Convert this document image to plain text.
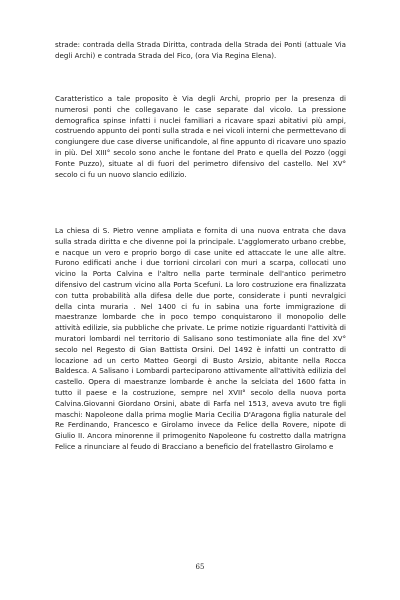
strade: contrada della Strada Diritta, contrada della Strada dei Ponti (attuale Via degli Archi) e contrada Strada del Fico, (ora Via Regina Elena).

Caratteristico a tale proposito è Via degli Archi, proprio per la presenza di numerosi ponti che collegavano le case separate dal vicolo. La pressione demografica spinse infatti i nuclei familiari a ricavare spazi abitativi più ampi, costruendo appunto dei ponti sulla strada e nei vicoli interni che permettevano di congiungere due case diverse unificandole, al fine appunto di ricavare uno spazio in più. Del XIII° secolo sono anche le fontane del Prato e quella del Pozzo (oggi Fonte Puzzo), situate al di fuori del perimetro difensivo del castello. Nel XV° secolo ci fu un nuovo slancio edilizio.

La chiesa di S. Pietro venne ampliata e fornita di una nuova entrata che dava sulla strada diritta e che divenne poi la principale. L'agglomerato urbano crebbe, e nacque un vero e proprio borgo di case unite ed attaccate le une alle altre. Furono edificati anche i due torrioni circolari con muri a scarpa, collocati uno vicino la Porta Calvina e l'altro nella parte terminale dell'antico perimetro difensivo del castrum vicino alla Porta Scefuni. La loro costruzione era finalizzata con tutta probabilità alla difesa delle due porte, considerate i punti nevralgici della cinta muraria . Nel 1400 ci fu in sabina una forte immigrazione di maestranze lombarde che in poco tempo conquistarono il monopolio delle attività edilizie, sia pubbliche che private. Le prime notizie riguardanti l'attività di muratori lombardi nel territorio di Salisano sono testimoniate alla fine del XV° secolo nel Regesto di Gian Battista Orsini. Del 1492 è infatti un contratto di locazione ad un certo Matteo Georgi di Busto Arsizio, abitante nella Rocca Baldesca. A Salisano i Lombardi parteciparono attivamente all'attività edilizia del castello. Opera di maestranze lombarde è anche la selciata del 1600 fatta in tutto il paese e la costruzione, sempre nel XVII° secolo della nuova porta Calvina.Giovanni Giordano Orsini, abate di Farfa nel 1513, aveva avuto tre figli maschi: Napoleone dalla prima moglie Maria Cecilia D'Aragona figlia naturale del Re Ferdinando, Francesco e Girolamo invece da Felice della Rovere, nipote di Giulio II. Ancora minorenne il primogenito Napoleone fu costretto dalla matrigna Felice a rinunciare al feudo di Bracciano a beneficio del fratellastro Girolamo e

65
